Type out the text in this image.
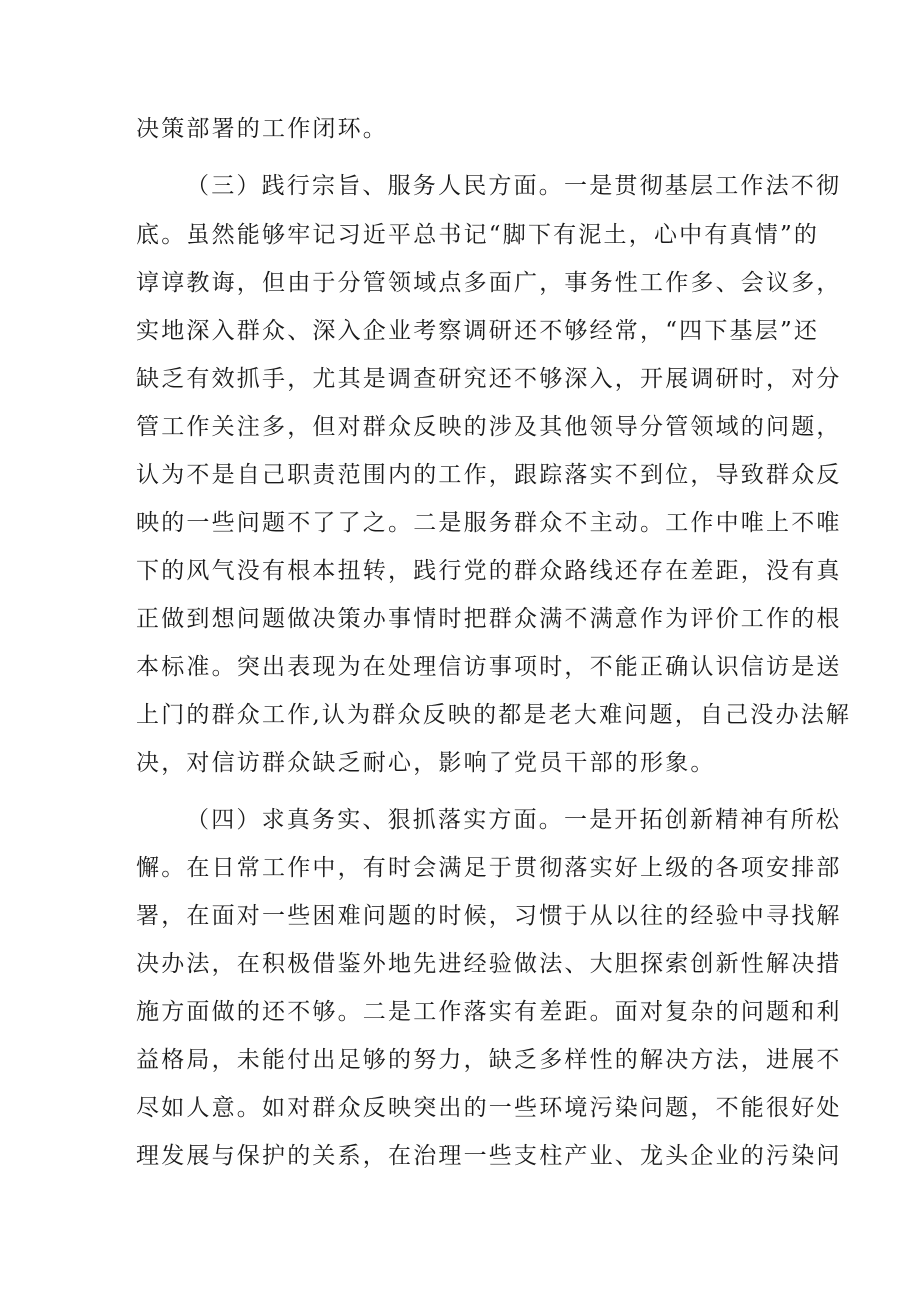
决策部署的工作闭环。
（三）践行宗旨、服务人民方面。一是贯彻基层工作法不彻
底。虽然能够牢记习近平总书记“脚下有泥土，心中有真情”的
谆谆教诲，但由于分管领域点多面广，事务性工作多、会议多，
实地深入群众、深入企业考察调研还不够经常，“四下基层”还
缺乏有效抓手，尤其是调查研究还不够深入，开展调研时，对分
管工作关注多，但对群众反映的涉及其他领导分管领域的问题，
认为不是自己职责范围内的工作，跟踪落实不到位，导致群众反
映的一些问题不了了之。二是服务群众不主动。工作中唯上不唯
下的风气没有根本扭转，践行党的群众路线还存在差距，没有真
正做到想问题做决策办事情时把群众满不满意作为评价工作的根
本标准。突出表现为在处理信访事项时，不能正确认识信访是送
上门的群众工作,认为群众反映的都是老大难问题，自己没办法解
决，对信访群众缺乏耐心，影响了党员干部的形象。
（四）求真务实、狠抓落实方面。一是开拓创新精神有所松
懈。在日常工作中，有时会满足于贯彻落实好上级的各项安排部
署，在面对一些困难问题的时候，习惯于从以往的经验中寻找解
决办法，在积极借鉴外地先进经验做法、大胆探索创新性解决措
施方面做的还不够。二是工作落实有差距。面对复杂的问题和利
益格局，未能付出足够的努力，缺乏多样性的解决方法，进展不
尽如人意。如对群众反映突出的一些环境污染问题，不能很好处
理发展与保护的关系，在治理一些支柱产业、龙头企业的污染问
